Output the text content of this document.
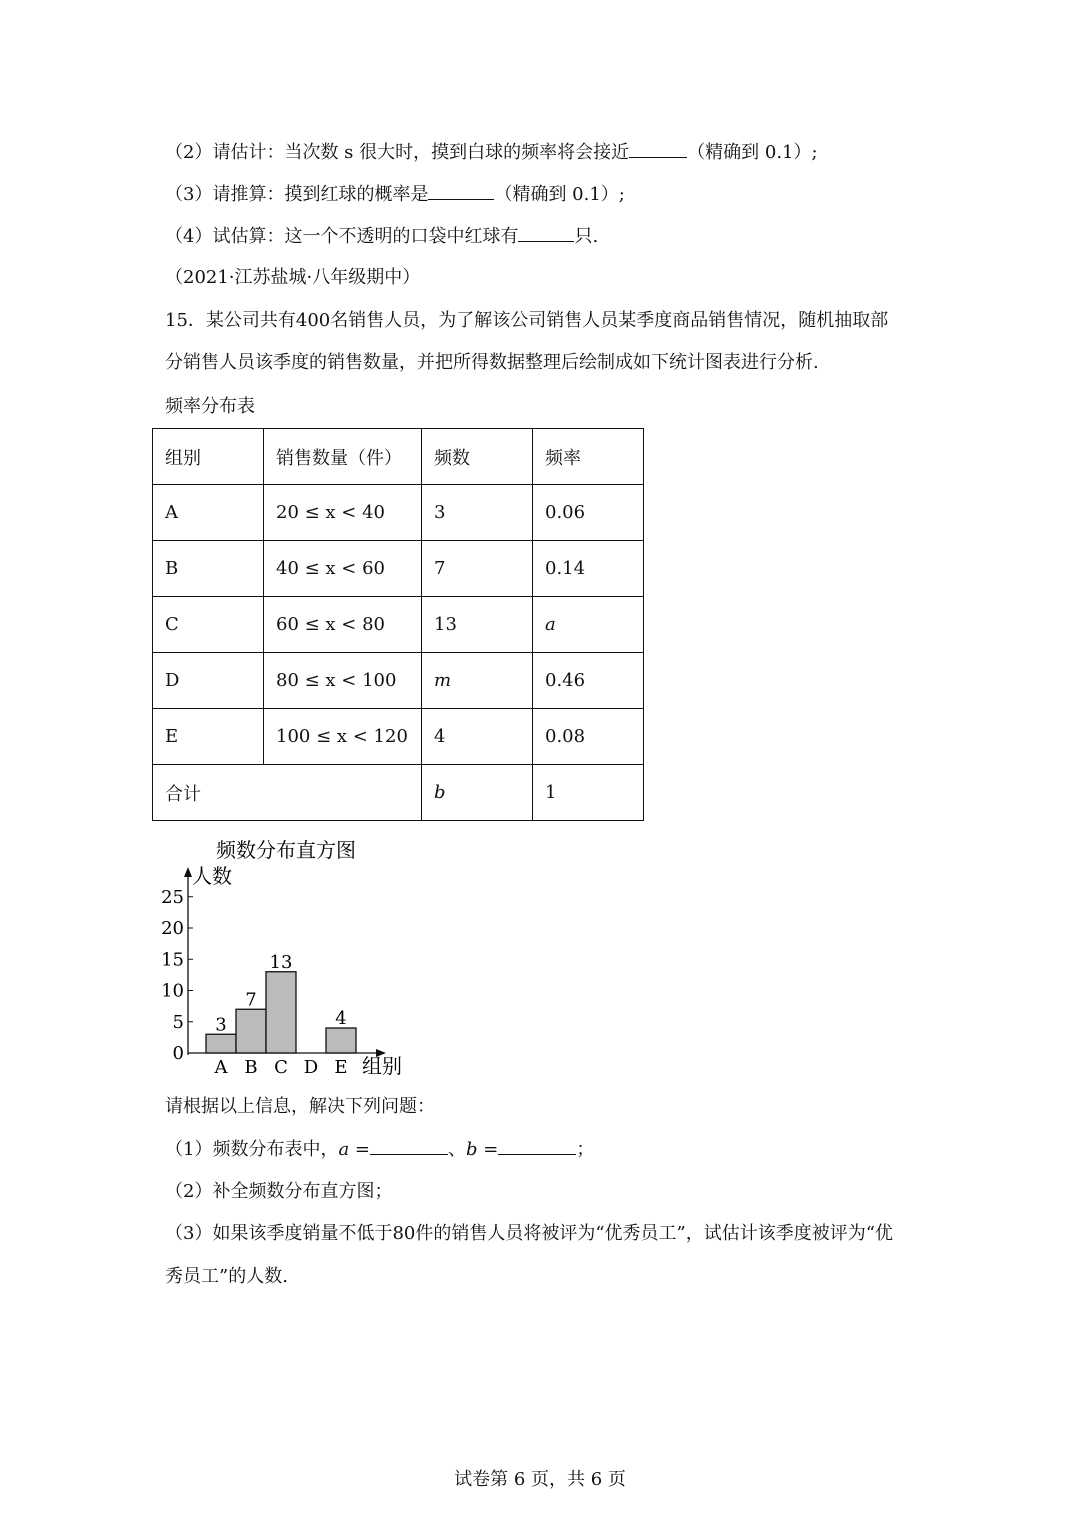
（2）请估计：当次数 s 很大时，摸到白球的频率将会接近	（精确到 0.1）;
（3）请推算：摸到红球的概率是	（精确到 0.1）;
（4）试估算：这一个不透明的口袋中红球有	只.
（2021·江苏盐城·八年级期中）
15．某公司共有400名销售人员，为了解该公司销售人员某季度商品销售情况，随机抽取部
分销售人员该季度的销售数量，并把所得数据整理后绘制成如下统计图表进行分析.
频率分布表
组别	销售数量（件）	频数	频率
A	20 ≤ x < 40	3	0.06
B	40 ≤ x < 60	7	0.14
C	60 ≤ x < 80	13	a
D	80 ≤ x < 100	m	0.46
E	100 ≤ x < 120	4	0.08
合计		b	1
频数分布直方图
人数
组别
0
5
10
15
20
25
A
3
B
7
C
13
D E
4
请根据以上信息，解决下列问题：
（1）频数分布表中，a =	、b =	；
（2）补全频数分布直方图；
（3）如果该季度销量不低于80件的销售人员将被评为“优秀员工”，试估计该季度被评为“优
秀员工”的人数.
试卷第 6 页，共 6 页
